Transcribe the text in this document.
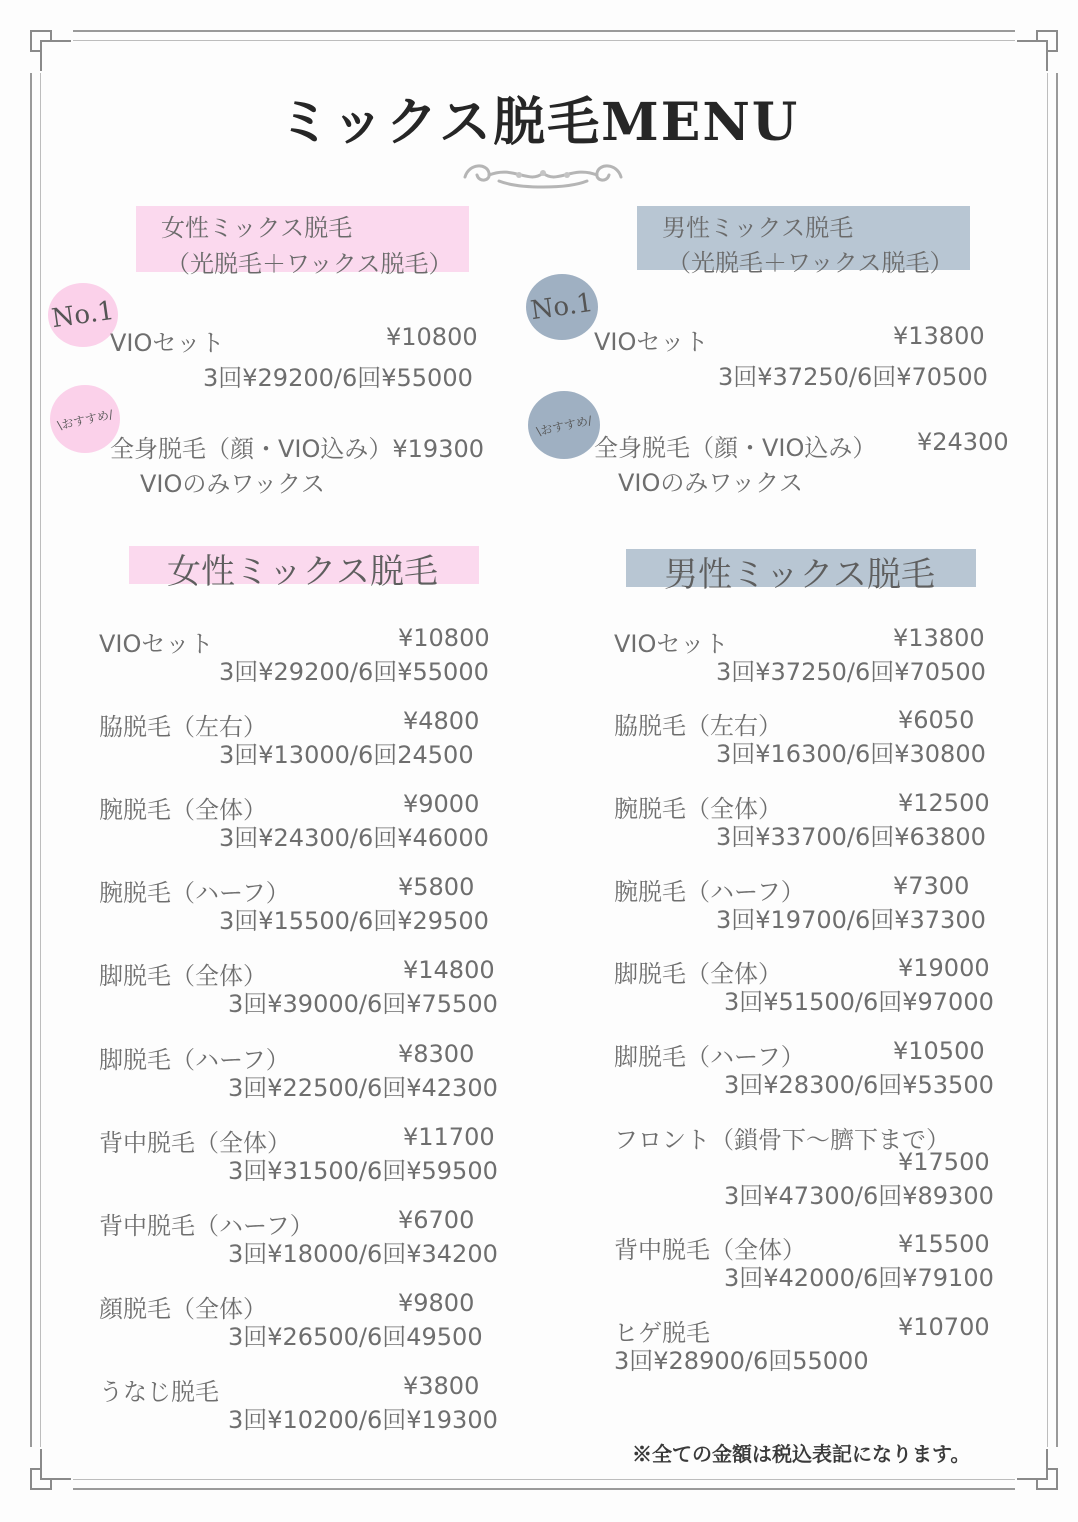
ミックス脱毛MENU
女性ミックス脱毛
（光脱毛＋ワックス脱毛）
No.1
VIOセット	¥10800
3回¥29200/6回¥55000
\おすすめ/
全身脱毛（顔・VIO込み）¥19300
VIOのみワックス
男性ミックス脱毛
（光脱毛＋ワックス脱毛）
No.1
VIOセット	¥13800
3回¥37250/6回¥70500
\おすすめ/
全身脱毛（顔・VIO込み） ¥24300
VIOのみワックス
女性ミックス脱毛	男性ミックス脱毛
VIOセット	¥10800
3回¥29200/6回¥55000
脇脱毛（左右）	¥4800
3回¥13000/6回24500
腕脱毛（全体）	¥9000
3回¥24300/6回¥46000
腕脱毛（ハーフ）	¥5800
3回¥15500/6回¥29500
脚脱毛（全体）	¥14800
3回¥39000/6回¥75500
脚脱毛（ハーフ）	¥8300
3回¥22500/6回¥42300
背中脱毛（全体）	¥11700
3回¥31500/6回¥59500
背中脱毛（ハーフ）	¥6700
3回¥18000/6回¥34200
顔脱毛（全体）	¥9800
3回¥26500/6回49500
うなじ脱毛	¥3800
3回¥10200/6回¥19300
VIOセット	¥13800
3回¥37250/6回¥70500
脇脱毛（左右）	¥6050
3回¥16300/6回¥30800
腕脱毛（全体）	¥12500
3回¥33700/6回¥63800
腕脱毛（ハーフ）	¥7300
3回¥19700/6回¥37300
脚脱毛（全体）	¥19000
3回¥51500/6回¥97000
脚脱毛（ハーフ）	¥10500
3回¥28300/6回¥53500
フロント（鎖骨下〜臍下まで）
¥17500
3回¥47300/6回¥89300
背中脱毛（全体）	¥15500
3回¥42000/6回¥79100
ヒゲ脱毛	¥10700
3回¥28900/6回55000
※全ての金額は税込表記になります。
